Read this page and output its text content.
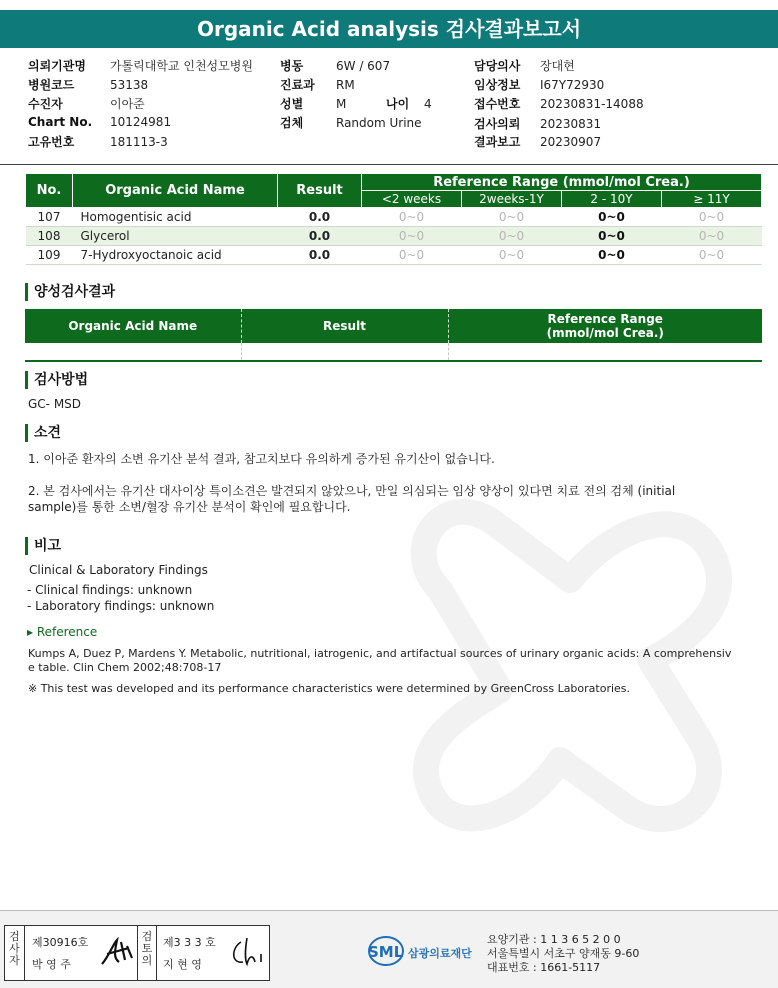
Organic Acid analysis 검사결과보고서
의뢰기관명 가톨릭대학교 인천성모병원
병원코드	53138
수진자	이아준
Chart No. 10124981
고유번호	181113-3
병동	6W / 607
진료과 RM
성별	M	나이 4
검체	Random Urine
담당의사 장대현
임상정보 I67Y72930
접수번호 20230831-14088
검사의뢰 20230831
결과보고 20230907
No.	Organic Acid Name	Result	Reference Range (mmol/mol Crea.)			
			<2 weeks	2weeks-1Y	2 - 10Y	≥ 11Y
107	Homogentisic acid	0.0	0~0	0~0	0~0	0~0
108	Glycerol	0.0	0~0	0~0	0~0	0~0
109	7-Hydroxyoctanoic acid	0.0	0~0	0~0	0~0	0~0
양성검사결과
Organic Acid Name	Result	Reference Range
(mmol/mol Crea.)

검사방법
GC- MSD
소견
1. 이아준 환자의 소변 유기산 분석 결과, 참고치보다 유의하게 증가된 유기산이 없습니다.
2. 본 검사에서는 유기산 대사이상 특이소견은 발견되지 않았으나, 만일 의심되는 임상 양상이 있다면 치료 전의 검체 (initial
sample)를 통한 소변/혈장 유기산 분석이 확인에 필요합니다.
비고
Clinical & Laboratory Findings
- Clinical findings: unknown
- Laboratory findings: unknown
▸ Reference
Kumps A, Duez P, Mardens Y. Metabolic, nutritional, iatrogenic, and artifactual sources of urinary organic acids: A comprehensiv
e table. Clin Chem 2002;48:708-17
※ This test was developed and its performance characteristics were determined by GreenCross Laboratories.
검사자
제30916호
박 영 주
검토의
제3 3 3 호
지 현 영
SML 삼광의료재단
요양기관 : 1 1 3 6 5 2 0 0
서울특별시 서초구 양재동 9-60
대표번호 : 1661-5117
